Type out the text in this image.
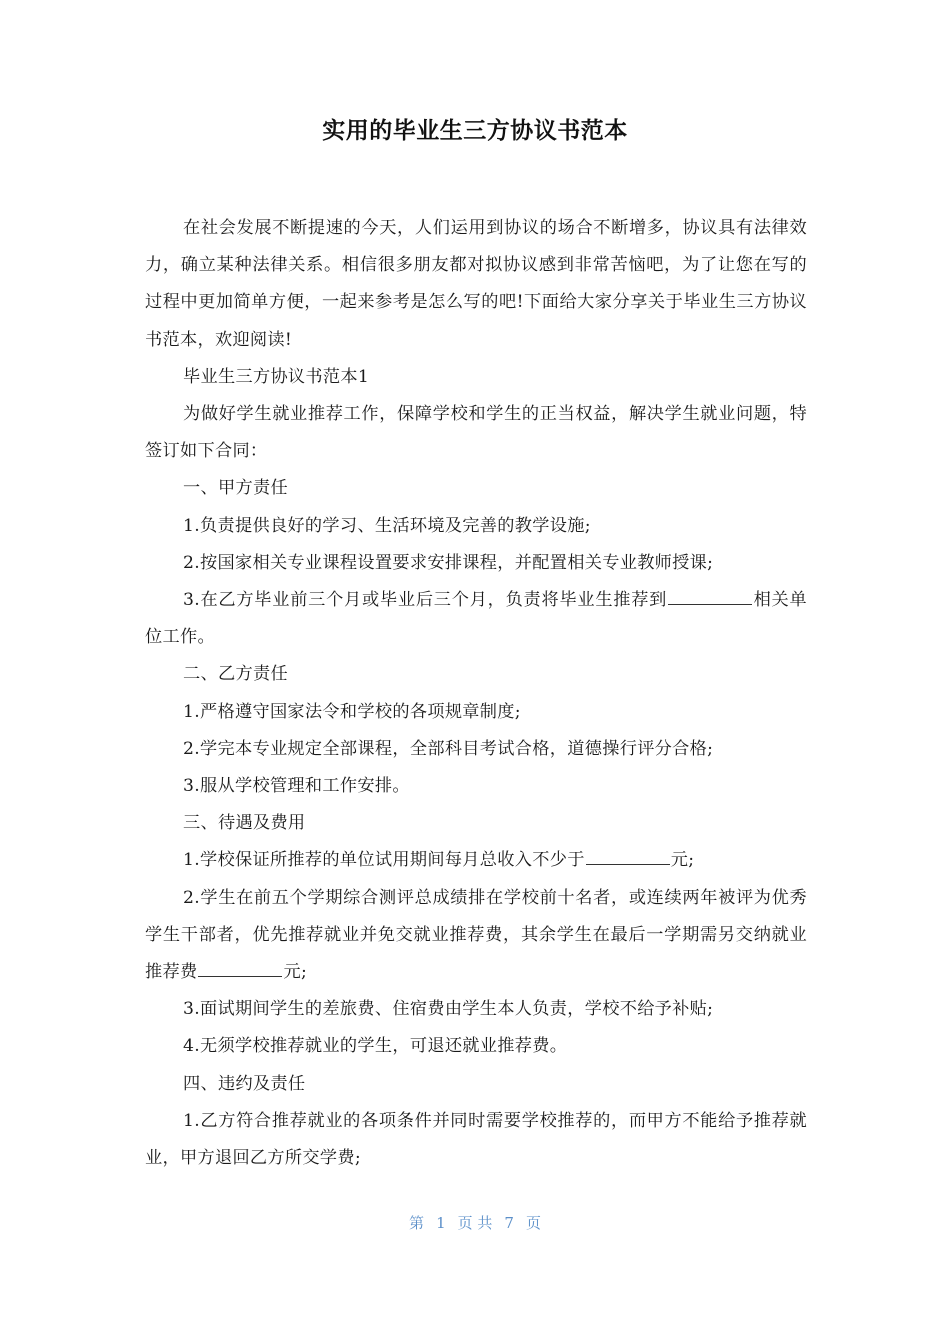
实用的毕业生三方协议书范本

在社会发展不断提速的今天，人们运用到协议的场合不断增多，协议具有法律效力，确立某种法律关系。相信很多朋友都对拟协议感到非常苦恼吧，为了让您在写的过程中更加简单方便，一起来参考是怎么写的吧!下面给大家分享关于毕业生三方协议书范本，欢迎阅读!

毕业生三方协议书范本1

为做好学生就业推荐工作，保障学校和学生的正当权益，解决学生就业问题，特签订如下合同：

一、甲方责任

1.负责提供良好的学习、生活环境及完善的教学设施;

2.按国家相关专业课程设置要求安排课程，并配置相关专业教师授课;

3.在乙方毕业前三个月或毕业后三个月，负责将毕业生推荐到	相关单位工作。

二、乙方责任

1.严格遵守国家法令和学校的各项规章制度;

2.学完本专业规定全部课程，全部科目考试合格，道德操行评分合格;

3.服从学校管理和工作安排。

三、待遇及费用

1.学校保证所推荐的单位试用期间每月总收入不少于	元;

2.学生在前五个学期综合测评总成绩排在学校前十名者，或连续两年被评为优秀学生干部者，优先推荐就业并免交就业推荐费，其余学生在最后一学期需另交纳就业推荐费	元;

3.面试期间学生的差旅费、住宿费由学生本人负责，学校不给予补贴;

4.无须学校推荐就业的学生，可退还就业推荐费。

四、违约及责任

1.乙方符合推荐就业的各项条件并同时需要学校推荐的，而甲方不能给予推荐就业，甲方退回乙方所交学费;

第 1 页 共 7 页
